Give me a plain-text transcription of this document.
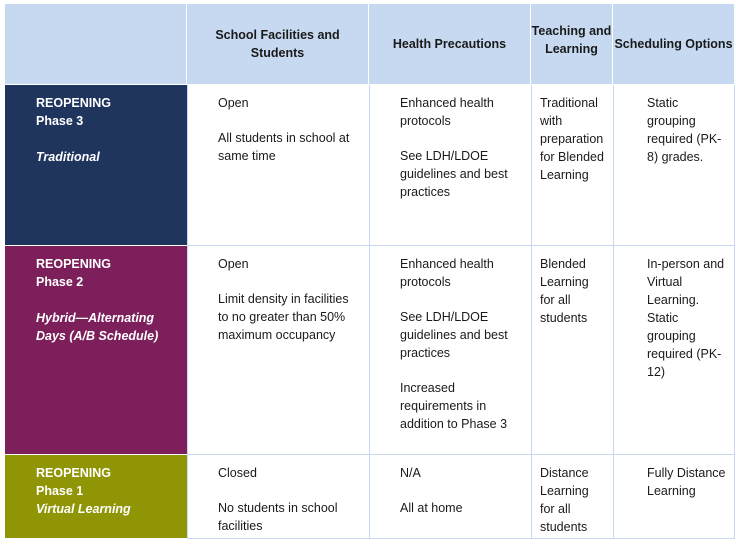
School Facilities and Students
Health Precautions
Teaching and Learning	Scheduling Options
REOPENING
Phase 3
Traditional

Open

All students in school at same time

Enhanced health protocols

See LDH/LDOE guidelines and best practices

Traditional with preparation for Blended Learning

Static grouping required (PK-8) grades.

REOPENING
Phase 2
Hybrid—Alternating Days (A/B Schedule)

Open

Limit density in facilities to no greater than 50% maximum occupancy

Enhanced health protocols

See LDH/LDOE guidelines and best practices

Increased requirements in addition to Phase 3

Blended Learning for all students

In-person and Virtual Learning. Static grouping required (PK-12)

REOPENING
Phase 1
Virtual Learning

Closed

No students in school facilities

N/A

All at home

Distance Learning for all students

Fully Distance Learning
